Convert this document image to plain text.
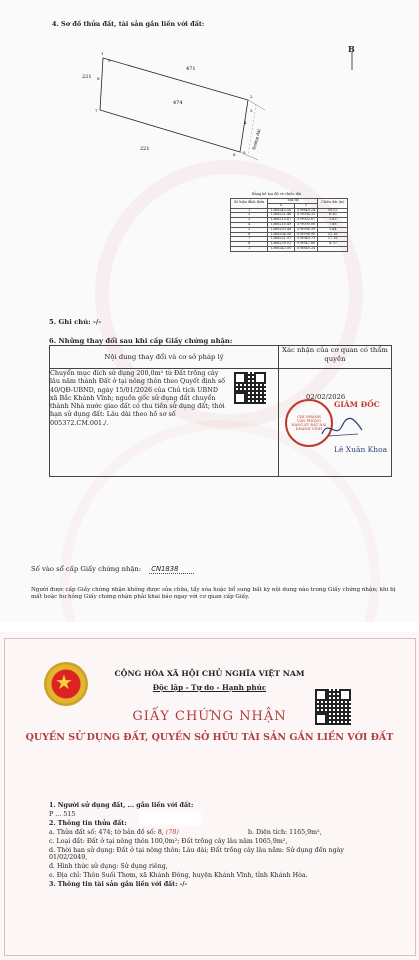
4. Sơ đồ thửa đất, tài sản gắn liền với đất:
B
1
2
3
4
5
6
7
8
9
471
221
221
474
Đường đất
Bảng kê tọa độ và chiều dài
Số hiệu đỉnh thửa	Tọa độ		Chiều dài (m)
	X	Y	
1	1368243.50	578849.24	59.52
2	1368221.46	579004.33	6.10
3	1368215.67	579002.67	2.83
4	1368210.49	579000.00	7.88
5	1368203.48	578996.39	1.84
6	1368204.56	578994.90	52.16
7	1368221.97	578945.73	17.18
8	1368239.02	578947.80	4.70
1	1368243.50	578849.24	
5. Ghi chú: -/-
6. Những thay đổi sau khi cấp Giấy chứng nhận:
Nội dung thay đổi và cơ sở pháp lý	Xác nhận của cơ quan có thẩm quyền

Chuyển mục đích sử dụng 200,0m² từ Đất trồng cây lâu năm thành Đất ở tại nông thôn theo Quyết định số 40/QĐ-UBND, ngày 15/01/2026 của Chủ tịch UBND xã Bắc Khánh Vĩnh; nguồn gốc sử dụng đất chuyển thành Nhà nước giao đất có thu tiền sử dụng đất; thời hạn sử dụng đất: Lâu dài theo hồ sơ số 005372.CM.001./.	

02/02/2026
CHI NHÁNH
VĂN PHÒNG
ĐĂNG KÝ ĐẤT ĐAI
KHÁNH VĨNH
GIÁM ĐỐC
Lê Xuân Khoa
Số vào sổ cấp Giấy chứng nhận: CN1838
Người được cấp Giấy chứng nhận không được sửa chữa, tẩy xóa hoặc bổ sung bất kỳ nội dung nào trong Giấy chứng nhận; khi bị mất hoặc hư hỏng Giấy chứng nhận phải khai báo ngay với cơ quan cấp Giấy.
★	CỘNG HÒA XÃ HỘI CHỦ NGHĨA VIỆT NAM
Độc lập - Tự do - Hạnh phúc
GIẤY CHỨNG NHẬN
QUYỀN SỬ DỤNG ĐẤT, QUYỀN SỞ HỮU TÀI SẢN GẮN LIỀN VỚI ĐẤT
1. Người sử dụng đất, ... gắn liền với đất:
P ... 515
2. Thông tin thửa đất:
a. Thửa đất số: 474; tờ bản đồ số: 8, (78)	b. Diện tích: 1165,9m²,
c. Loại đất: Đất ở tại nông thôn 100,0m²; Đất trồng cây lâu năm 1065,9m²,
d. Thời hạn sử dụng: Đất ở tại nông thôn: Lâu dài; Đất trồng cây lâu năm: Sử dụng đến ngày 01/02/2049,
đ. Hình thức sử dụng: Sử dụng riêng,
e. Địa chỉ: Thôn Suối Thơm, xã Khánh Đông, huyện Khánh Vĩnh, tỉnh Khánh Hòa.
3. Thông tin tài sản gắn liền với đất: -/-
